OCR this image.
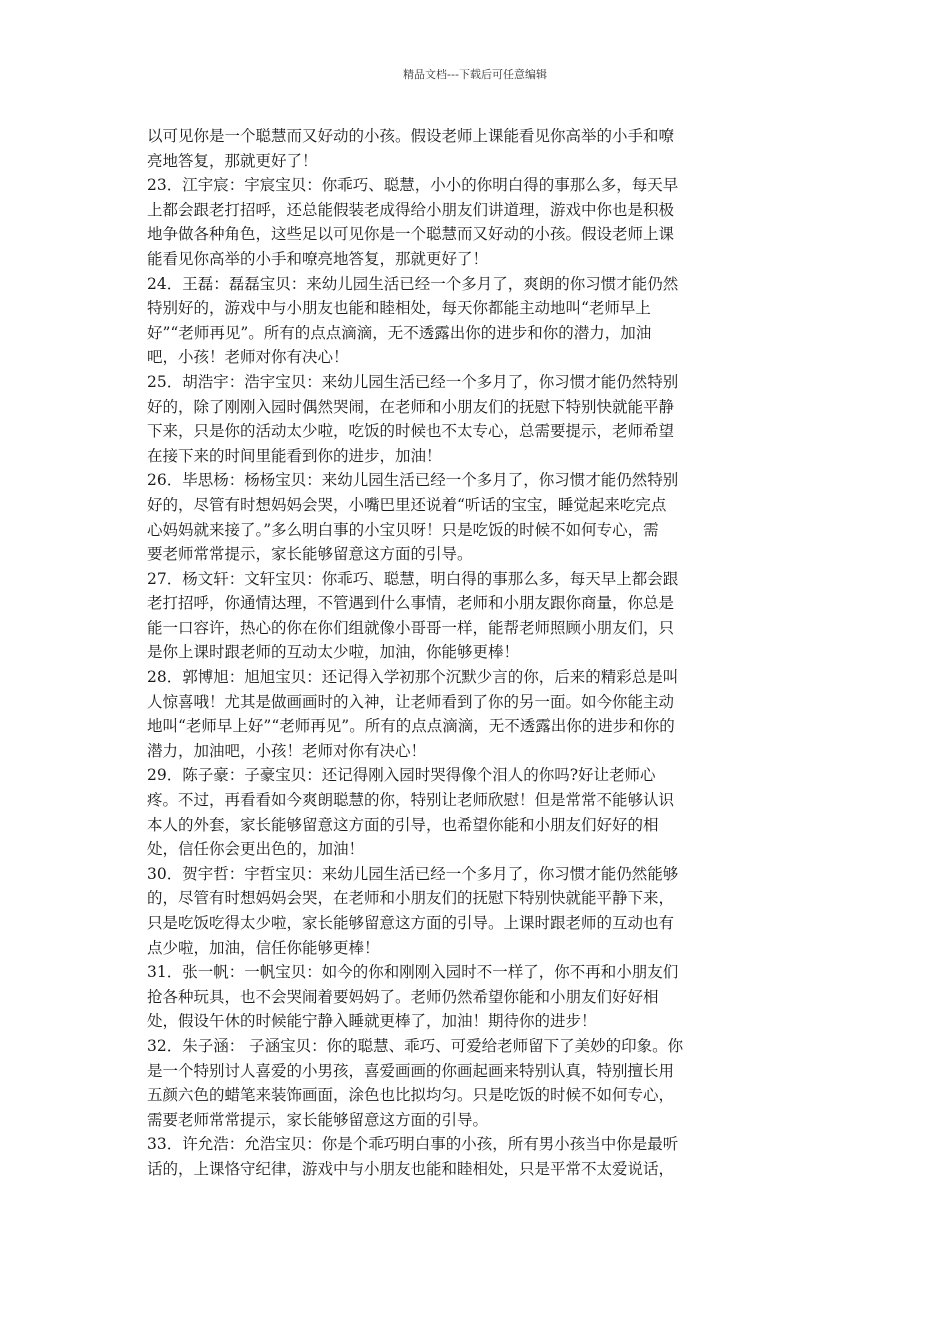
精品文档---下载后可任意编辑
以可见你是一个聪慧而又好动的小孩。假设老师上课能看见你高举的小手和嘹
亮地答复，那就更好了！
23．江宇宸：宇宸宝贝：你乖巧、聪慧，小小的你明白得的事那么多，每天早
上都会跟老打招呼，还总能假装老成得给小朋友们讲道理，游戏中你也是积极
地争做各种角色，这些足以可见你是一个聪慧而又好动的小孩。假设老师上课
能看见你高举的小手和嘹亮地答复，那就更好了！
24．王磊：磊磊宝贝：来幼儿园生活已经一个多月了，爽朗的你习惯才能仍然
特别好的，游戏中与小朋友也能和睦相处，每天你都能主动地叫“老师早上
好”“老师再见”。所有的点点滴滴，无不透露出你的进步和你的潜力，加油
吧，小孩！老师对你有决心！
25．胡浩宇：浩宇宝贝：来幼儿园生活已经一个多月了，你习惯才能仍然特别
好的，除了刚刚入园时偶然哭闹，在老师和小朋友们的抚慰下特别快就能平静
下来，只是你的活动太少啦，吃饭的时候也不太专心，总需要提示，老师希望
在接下来的时间里能看到你的进步，加油！
26．毕思杨：杨杨宝贝：来幼儿园生活已经一个多月了，你习惯才能仍然特别
好的，尽管有时想妈妈会哭，小嘴巴里还说着“听话的宝宝，睡觉起来吃完点
心妈妈就来接了。”多么明白事的小宝贝呀！只是吃饭的时候不如何专心，需
要老师常常提示，家长能够留意这方面的引导。
27．杨文轩：文轩宝贝：你乖巧、聪慧，明白得的事那么多，每天早上都会跟
老打招呼，你通情达理，不管遇到什么事情，老师和小朋友跟你商量，你总是
能一口容许，热心的你在你们组就像小哥哥一样，能帮老师照顾小朋友们，只
是你上课时跟老师的互动太少啦，加油，你能够更棒！
28．郭博旭：旭旭宝贝：还记得入学初那个沉默少言的你，后来的精彩总是叫
人惊喜哦！尤其是做画画时的入神，让老师看到了你的另一面。如今你能主动
地叫“老师早上好”“老师再见”。所有的点点滴滴，无不透露出你的进步和你的
潜力，加油吧，小孩！老师对你有决心！
29．陈子豪：子豪宝贝：还记得刚入园时哭得像个泪人的你吗?好让老师心
疼。不过，再看看如今爽朗聪慧的你，特别让老师欣慰！但是常常不能够认识
本人的外套，家长能够留意这方面的引导，也希望你能和小朋友们好好的相
处，信任你会更出色的，加油！
30．贺宇哲：宇哲宝贝：来幼儿园生活已经一个多月了，你习惯才能仍然能够
的，尽管有时想妈妈会哭，在老师和小朋友们的抚慰下特别快就能平静下来，
只是吃饭吃得太少啦，家长能够留意这方面的引导。上课时跟老师的互动也有
点少啦，加油，信任你能够更棒！
31．张一帆：一帆宝贝：如今的你和刚刚入园时不一样了，你不再和小朋友们
抢各种玩具，也不会哭闹着要妈妈了。老师仍然希望你能和小朋友们好好相
处，假设午休的时候能宁静入睡就更棒了，加油！期待你的进步！
32．朱子涵： 子涵宝贝：你的聪慧、乖巧、可爱给老师留下了美妙的印象。你
是一个特别讨人喜爱的小男孩，喜爱画画的你画起画来特别认真，特别擅长用
五颜六色的蜡笔来装饰画面，涂色也比拟均匀。只是吃饭的时候不如何专心，
需要老师常常提示，家长能够留意这方面的引导。
33．许允浩：允浩宝贝：你是个乖巧明白事的小孩，所有男小孩当中你是最听
话的，上课恪守纪律，游戏中与小朋友也能和睦相处，只是平常不太爱说话，
